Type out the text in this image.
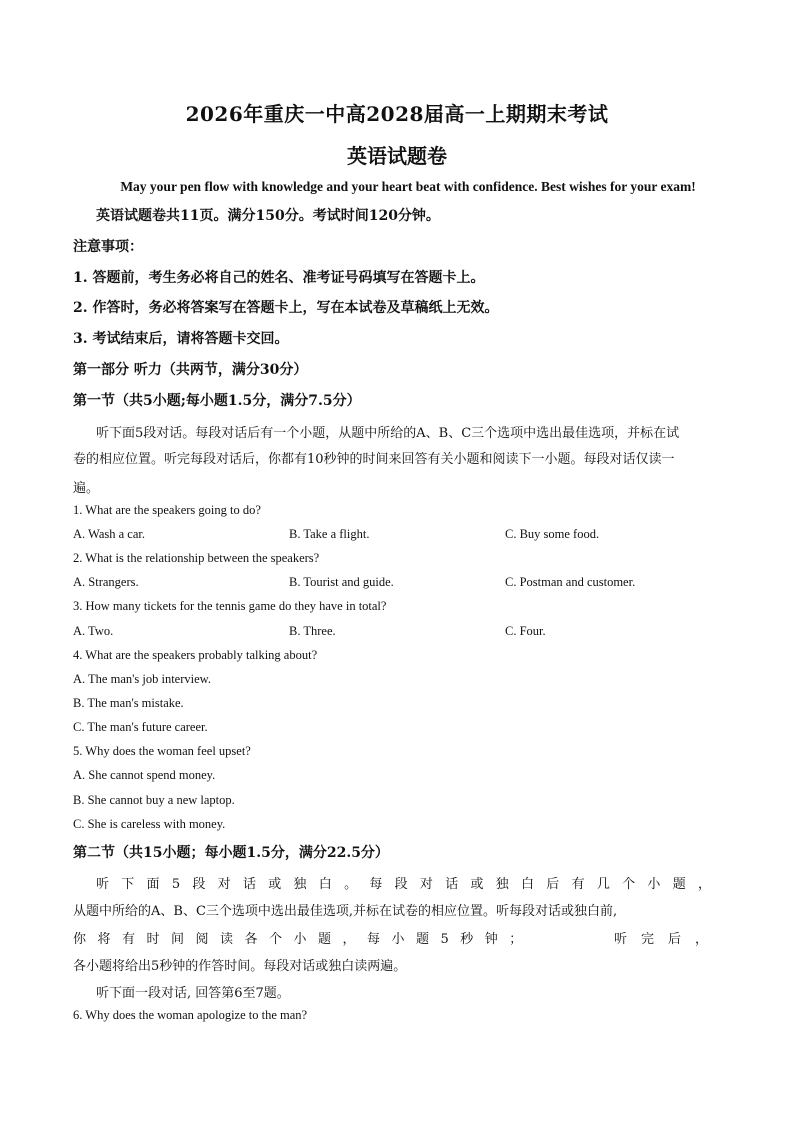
2026年重庆一中高2028届高一上期期末考试
英语试题卷
May your pen flow with knowledge and your heart beat with confidence. Best wishes for your exam!
英语试题卷共11页。满分150分。考试时间120分钟。
注意事项：
1. 答题前，考生务必将自己的姓名、准考证号码填写在答题卡上。
2. 作答时，务必将答案写在答题卡上，写在本试卷及草稿纸上无效。
3. 考试结束后，请将答题卡交回。
第一部分 听力（共两节，满分30分）
第一节（共5小题;每小题1.5分，满分7.5分）
听下面5段对话。每段对话后有一个小题，从题中所给的A、B、C三个选项中选出最佳选项，并标在试
卷的相应位置。听完每段对话后，你都有10秒钟的时间来回答有关小题和阅读下一小题。每段对话仅读一
遍。
1. What are the speakers going to do?
A. Wash a car.	B. Take a flight.	C. Buy some food.
2. What is the relationship between the speakers?
A. Strangers.	B. Tourist and guide.	C. Postman and customer.
3. How many tickets for the tennis game do they have in total?
A. Two.	B. Three.	C. Four.
4. What are the speakers probably talking about?
A. The man's job interview.
B. The man's mistake.
C. The man's future career.
5. Why does the woman feel upset?
A. She cannot spend money.
B. She cannot buy a new laptop.
C. She is careless with money.
第二节（共15小题；每小题1.5分，满分22.5分）
听下面5段对话或独白。每段对话或独白后有几个小题，
从题中所给的A、B、C三个选项中选出最佳选项,并标在试卷的相应位置。听每段对话或独白前,
你将有时间阅读各个小题，每小题5秒钟；	听完后，
各小题将给出5秒钟的作答时间。每段对话或独白读两遍。
听下面一段对话, 回答第6至7题。
6. Why does the woman apologize to the man?
